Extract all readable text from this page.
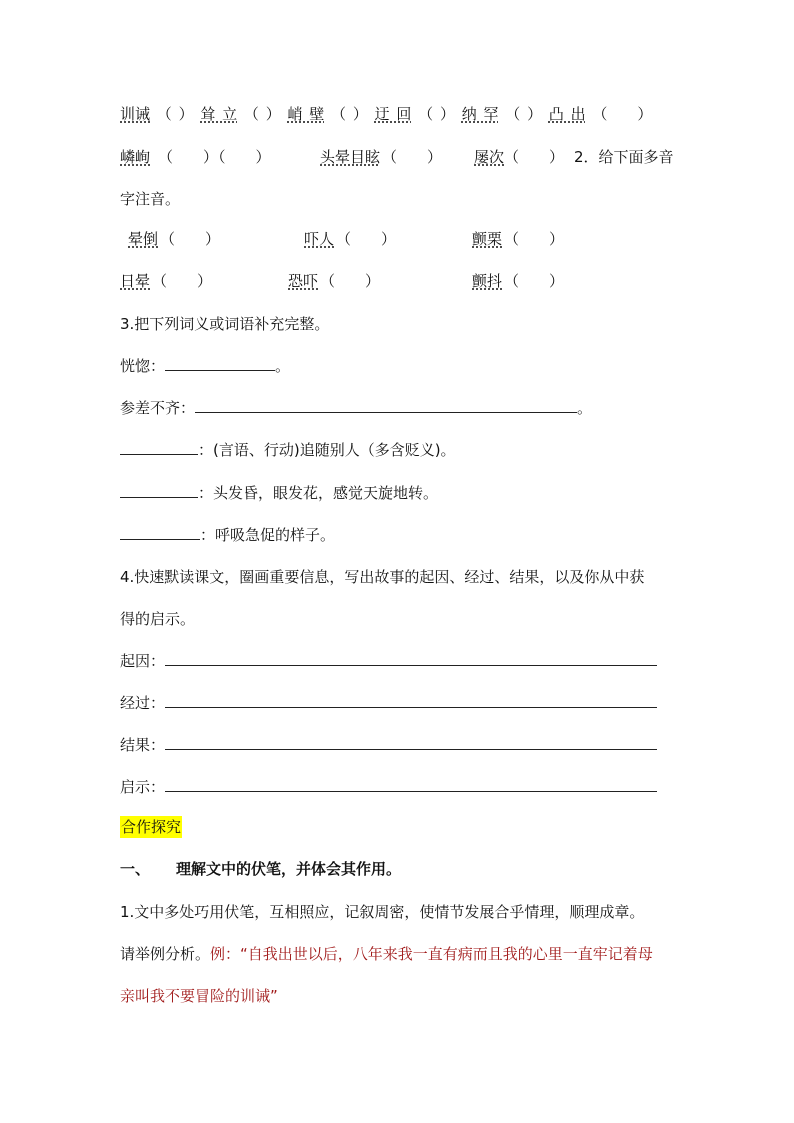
训诫 （ ） 耸 立 （ ） 峭 壁 （ ） 迂 回 （ ） 纳 罕 （ ） 凸 出 （　　）
嶙峋 （　　）（　　）	头晕目眩 （　　） 屡次 （　　） 2．给下面多音
字注音。
晕倒 （　　）	吓人 （　　）	颤栗 （　　）
日晕 （　　）	恐吓 （　　）	颤抖 （　　）
3.把下列词义或词语补充完整。
恍惚：	。
参差不齐：	。
：(言语、行动)追随别人（多含贬义)。
：头发昏，眼发花，感觉天旋地转。
：呼吸急促的样子。
4.快速默读课文，圈画重要信息，写出故事的起因、经过、结果，以及你从中获
得的启示。
起因：
经过：
结果：
启示：
合作探究
一、 理解文中的伏笔，并体会其作用。
1.文中多处巧用伏笔，互相照应，记叙周密，使情节发展合乎情理，顺理成章。
请举例分析。例：“自我出世以后，八年来我一直有病而且我的心里一直牢记着母
亲叫我不要冒险的训诫”
